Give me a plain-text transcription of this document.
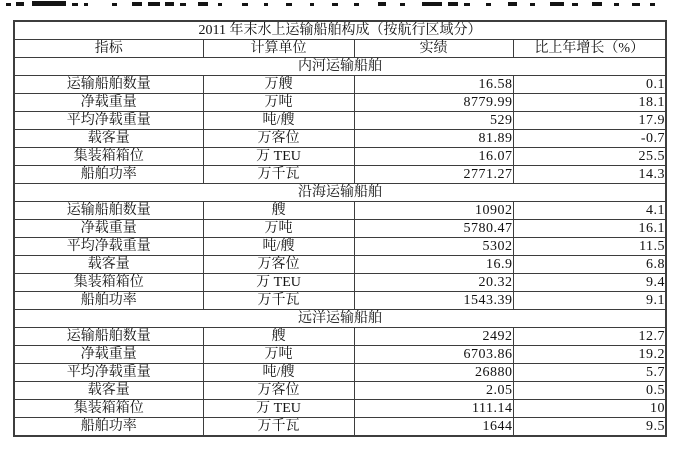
2011 年末水上运输船舶构成（按航行区域分）			
指标	计算单位	实绩	比上年增长（%）
内河运输船舶			
运输船舶数量	万艘	16.58	0.1
净载重量	万吨	8779.99	18.1
平均净载重量	吨/艘	529	17.9
载客量	万客位	81.89	-0.7
集装箱箱位	万 TEU	16.07	25.5
船舶功率	万千瓦	2771.27	14.3
沿海运输船舶			
运输船舶数量	艘	10902	4.1
净载重量	万吨	5780.47	16.1
平均净载重量	吨/艘	5302	11.5
载客量	万客位	16.9	6.8
集装箱箱位	万 TEU	20.32	9.4
船舶功率	万千瓦	1543.39	9.1
远洋运输船舶			
运输船舶数量	艘	2492	12.7
净载重量	万吨	6703.86	19.2
平均净载重量	吨/艘	26880	5.7
载客量	万客位	2.05	0.5
集装箱箱位	万 TEU	111.14	10
船舶功率	万千瓦	1644	9.5
